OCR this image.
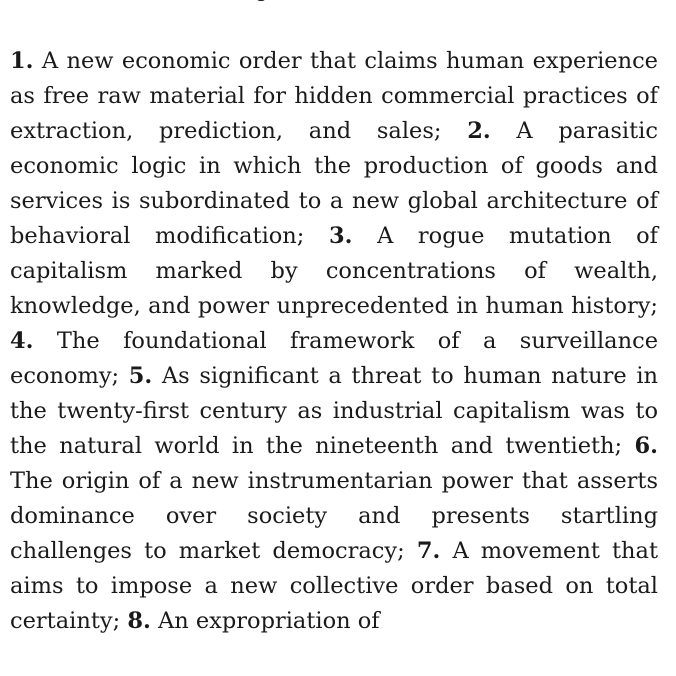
1. A new economic order that claims human experience as free raw material for hidden commercial practices of extraction, prediction, and sales; 2. A parasitic economic logic in which the production of goods and services is subordinated to a new global architecture of behavioral modification; 3. A rogue mutation of capitalism marked by concentrations of wealth, knowledge, and power unprecedented in human history; 4. The foundational framework of a surveillance economy; 5. As significant a threat to human nature in the twenty-first century as industrial capitalism was to the natural world in the nineteenth and twentieth; 6. The origin of a new instrumentarian power that asserts dominance over society and presents startling challenges to market democracy; 7. A movement that aims to impose a new collective order based on total certainty; 8. An expropriation of
